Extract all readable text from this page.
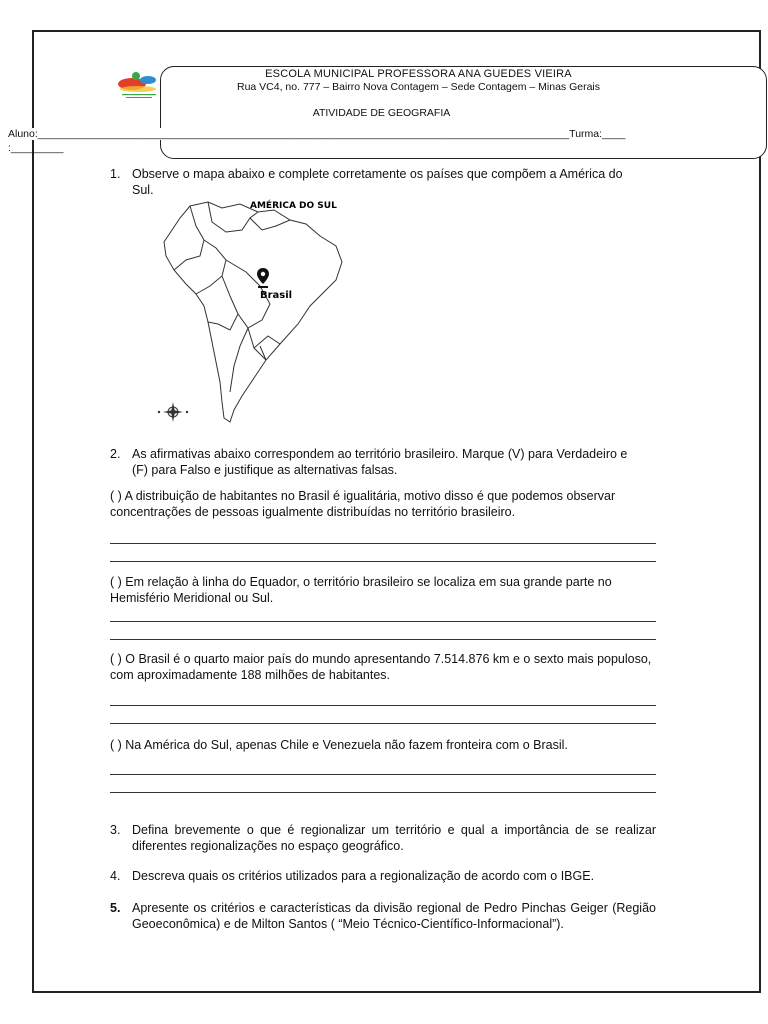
ESCOLA MUNICIPAL PROFESSORA ANA GUEDES VIEIRA
Rua VC4, no. 777 – Bairro Nova Contagem – Sede Contagem – Minas Gerais
ATIVIDADE DE GEOGRAFIA
Aluno:___________________________________________________________________________________________Turma:____
:_________
1. Observe o mapa abaixo e complete corretamente os países que compõem a América do Sul.
AMÉRICA DO SUL
Brasil
2. As afirmativas abaixo correspondem ao território brasileiro. Marque (V) para Verdadeiro e (F) para Falso e justifique as alternativas falsas.
( ) A distribuição de habitantes no Brasil é igualitária, motivo disso é que podemos observar concentrações de pessoas igualmente distribuídas no território brasileiro.
( ) Em relação à linha do Equador, o território brasileiro se localiza em sua grande parte no Hemisfério Meridional ou Sul.
( ) O Brasil é o quarto maior país do mundo apresentando 7.514.876 km e o sexto mais populoso, com aproximadamente 188 milhões de habitantes.
( ) Na América do Sul, apenas Chile e Venezuela não fazem fronteira com o Brasil.
3. Defina brevemente o que é regionalizar um território e qual a importância de se realizar diferentes regionalizações no espaço geográfico.
4. Descreva quais os critérios utilizados para a regionalização de acordo com o IBGE.
5. Apresente os critérios e características da divisão regional de Pedro Pinchas Geiger (Região Geoeconômica) e de Milton Santos ( “Meio Técnico-Científico-Informacional”).
